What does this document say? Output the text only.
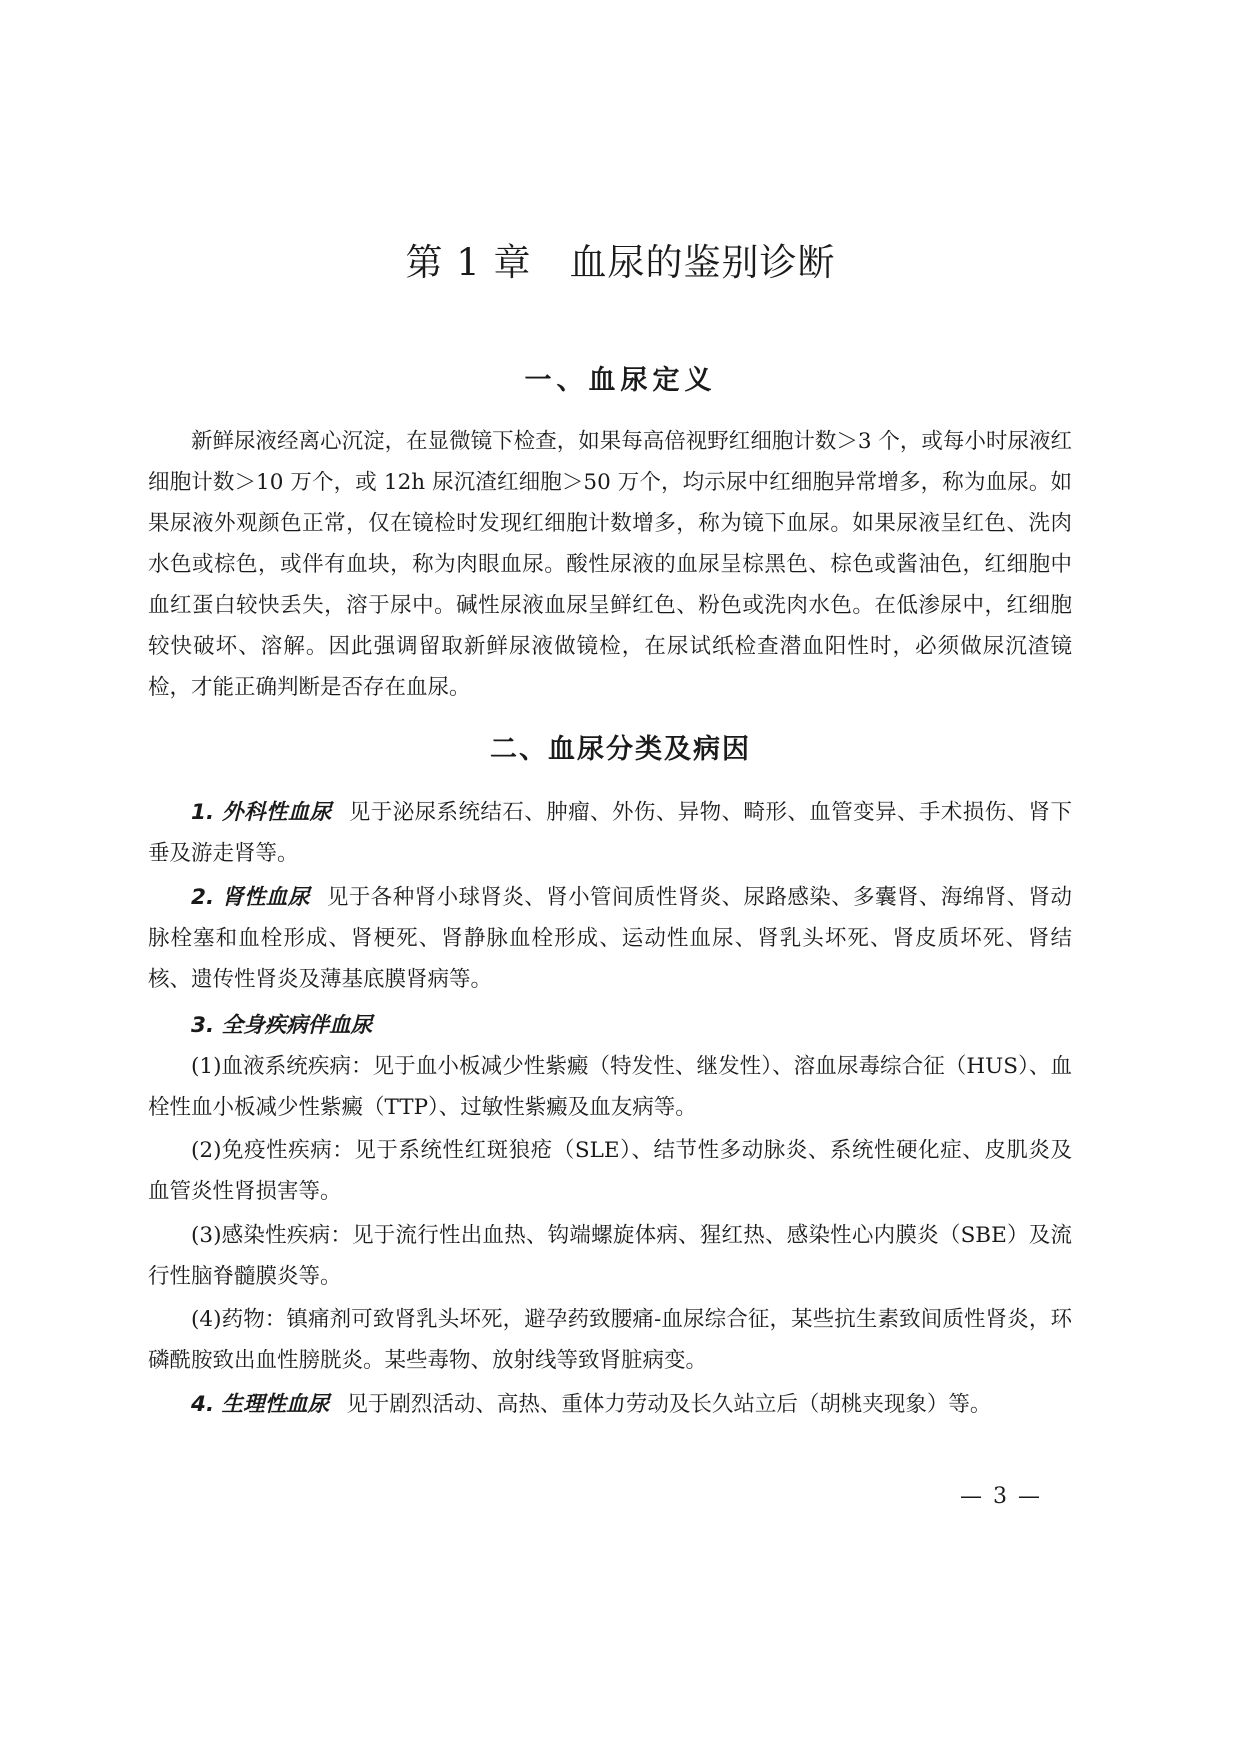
第 1 章　血尿的鉴别诊断
一、血尿定义

新鲜尿液经离心沉淀，在显微镜下检查，如果每高倍视野红细胞计数＞3 个，或每小时尿液红细胞计数＞10 万个，或 12h 尿沉渣红细胞＞50 万个，均示尿中红细胞异常增多，称为血尿。如果尿液外观颜色正常，仅在镜检时发现红细胞计数增多，称为镜下血尿。如果尿液呈红色、洗肉水色或棕色，或伴有血块，称为肉眼血尿。酸性尿液的血尿呈棕黑色、棕色或酱油色，红细胞中血红蛋白较快丢失，溶于尿中。碱性尿液血尿呈鲜红色、粉色或洗肉水色。在低渗尿中，红细胞较快破坏、溶解。因此强调留取新鲜尿液做镜检，在尿试纸检查潜血阳性时，必须做尿沉渣镜检，才能正确判断是否存在血尿。

二、血尿分类及病因

1. 外科性血尿 见于泌尿系统结石、肿瘤、外伤、异物、畸形、血管变异、手术损伤、肾下垂及游走肾等。

2. 肾性血尿 见于各种肾小球肾炎、肾小管间质性肾炎、尿路感染、多囊肾、海绵肾、肾动脉栓塞和血栓形成、肾梗死、肾静脉血栓形成、运动性血尿、肾乳头坏死、肾皮质坏死、肾结核、遗传性肾炎及薄基底膜肾病等。

3. 全身疾病伴血尿

(1)血液系统疾病：见于血小板减少性紫癜（特发性、继发性）、溶血尿毒综合征（HUS）、血栓性血小板减少性紫癜（TTP）、过敏性紫癜及血友病等。

(2)免疫性疾病：见于系统性红斑狼疮（SLE）、结节性多动脉炎、系统性硬化症、皮肌炎及血管炎性肾损害等。

(3)感染性疾病：见于流行性出血热、钩端螺旋体病、猩红热、感染性心内膜炎（SBE）及流行性脑脊髓膜炎等。

(4)药物：镇痛剂可致肾乳头坏死，避孕药致腰痛-血尿综合征，某些抗生素致间质性肾炎，环磷酰胺致出血性膀胱炎。某些毒物、放射线等致肾脏病变。

4. 生理性血尿 见于剧烈活动、高热、重体力劳动及长久站立后（胡桃夹现象）等。

— 3 —
